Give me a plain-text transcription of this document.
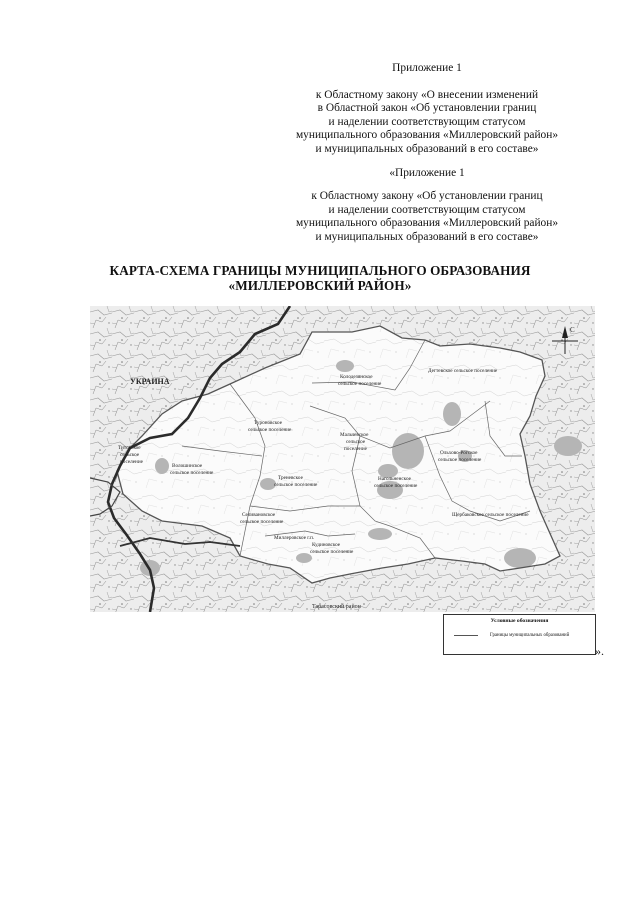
Приложение 1

к Областному закону «О внесении изменений

в Областной закон «Об установлении границ

и наделении соответствующим статусом

муниципального образования «Миллеровский район»

и муниципальных образований в его составе»

«Приложение 1

к Областному закону «Об установлении границ

и наделении соответствующим статусом

муниципального образования «Миллеровский район»

и муниципальных образований в его составе»

КАРТА-СХЕМА ГРАНИЦЫ МУНИЦИПАЛЬНОГО ОБРАЗОВАНИЯ
«МИЛЛЕРОВСКИЙ РАЙОН»
С
УКРАИНА	Колодезянское
сельское поселение
Дегтевское сельское поселение
Туроновское
сельское поселение
Титовское
сельское
поселение
Волошинское
сельское поселение
Треневское
сельское поселение
Мальчевское
сельское
поселение
Ольхово-Рогское
сельское поселение
Нагольненское
сельское поселение
Селивановское
сельское поселение
Миллеровское г.п.
Кудиновское
сельское поселение
Щербаковское сельское поселение
Тарасовский район
Условные обозначения
Границы муниципальных образований
».
